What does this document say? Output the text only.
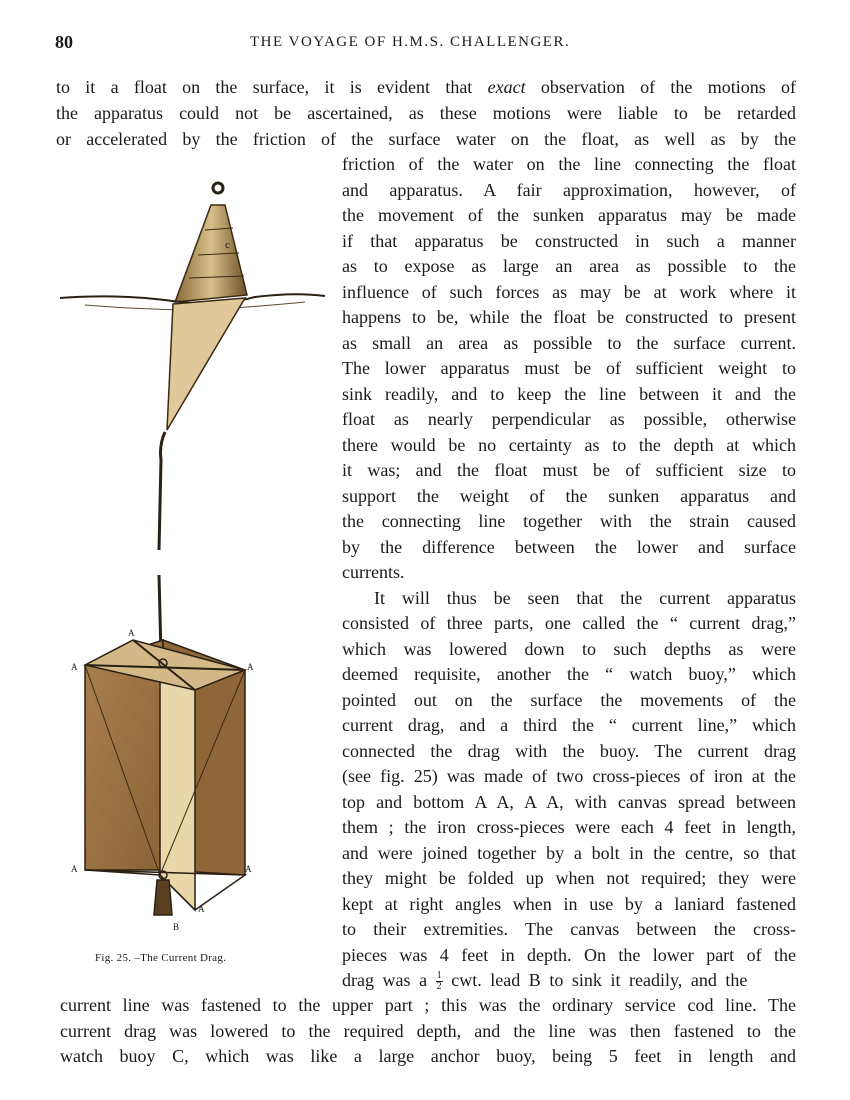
80	THE VOYAGE OF H.M.S. CHALLENGER.
to it a float on the surface, it is evident that exact observation of the motions of
the apparatus could not be ascertained, as these motions were liable to be retarded
or accelerated by the friction of the surface water on the float, as well as by the
friction of the water on the line connecting the float
and apparatus. A fair approximation, however, of
the movement of the sunken apparatus may be made
if that apparatus be constructed in such a manner
as to expose as large an area as possible to the
influence of such forces as may be at work where it
happens to be, while the float be constructed to present
as small an area as possible to the surface current.
The lower apparatus must be of sufficient weight to
sink readily, and to keep the line between it and the
float as nearly perpendicular as possible, otherwise
there would be no certainty as to the depth at which
it was; and the float must be of sufficient size to
support the weight of the sunken apparatus and
the connecting line together with the strain caused
by the difference between the lower and surface
currents.
It will thus be seen that the current apparatus
consisted of three parts, one called the “ current drag,”
which was lowered down to such depths as were
deemed requisite, another the “ watch buoy,” which
pointed out on the surface the movements of the
current drag, and a third the “ current line,” which
connected the drag with the buoy. The current drag
(see fig. 25) was made of two cross-pieces of iron at the
top and bottom A A, A A, with canvas spread between
them ; the iron cross-pieces were each 4 feet in length,
and were joined together by a bolt in the centre, so that
they might be folded up when not required; they were
kept at right angles when in use by a laniard fastened
to their extremities. The canvas between the cross-
pieces was 4 feet in depth. On the lower part of the
drag was a $\frac{1}{2}$ cwt. lead B to sink it readily, and the
current line was fastened to the upper part ; this was the ordinary service cod line. The
current drag was lowered to the required depth, and the line was then fastened to the
watch buoy C, which was like a large anchor buoy, being 5 feet in length and
c
A
A	A
A	A
A
B
Fig. 25. –The Current Drag.
